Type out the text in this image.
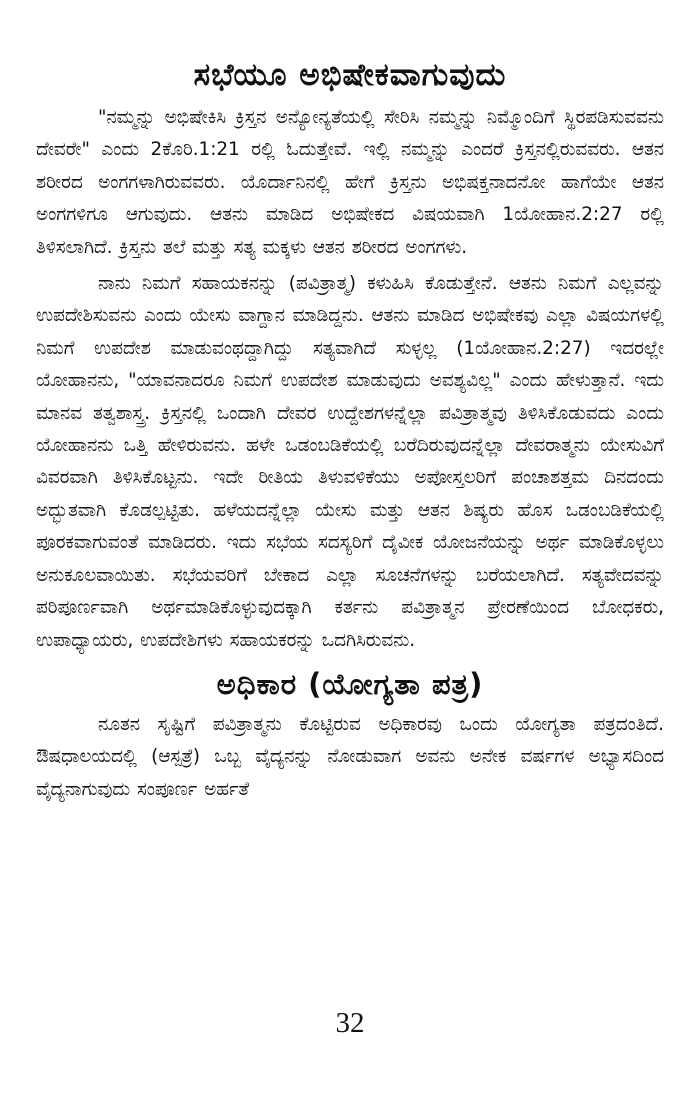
ಸಭೆಯೂ ಅಭಿಷೇಕವಾಗುವುದು

"ನಮ್ಮನ್ನು ಅಭಿಷೇಕಿಸಿ ಕ್ರಿಸ್ತನ ಅನ್ಯೋನ್ಯತೆಯಲ್ಲಿ ಸೇರಿಸಿ ನಮ್ಮನ್ನು ನಿಮ್ಮೊಂದಿಗೆ ಸ್ಥಿರಪಡಿಸುವವನು ದೇವರೇ" ಎಂದು 2ಕೊರಿ.1:21 ರಲ್ಲಿ ಓದುತ್ತೇವೆ. ಇಲ್ಲಿ ನಮ್ಮನ್ನು ಎಂದರೆ ಕ್ರಿಸ್ತನಲ್ಲಿರುವವರು. ಆತನ ಶರೀರದ ಅಂಗಗಳಾಗಿರುವವರು. ಯೊರ್ದಾನಿನಲ್ಲಿ ಹೇಗೆ ಕ್ರಿಸ್ತನು ಅಭಿಷಕ್ತನಾದನೋ ಹಾಗೆಯೇ ಆತನ ಅಂಗಗಳಿಗೂ ಆಗುವುದು. ಆತನು ಮಾಡಿದ ಅಭಿಷೇಕದ ವಿಷಯವಾಗಿ 1ಯೋಹಾನ.2:27 ರಲ್ಲಿ ತಿಳಿಸಲಾಗಿದೆ. ಕ್ರಿಸ್ತನು ತಲೆ ಮತ್ತು ಸತ್ಯ ಮಕ್ಕಳು ಆತನ ಶರೀರದ ಅಂಗಗಳು.

ನಾನು ನಿಮಗೆ ಸಹಾಯಕನನ್ನು (ಪವಿತ್ರಾತ್ಮ) ಕಳುಹಿಸಿ ಕೊಡುತ್ತೇನೆ. ಆತನು ನಿಮಗೆ ಎಲ್ಲವನ್ನು ಉಪದೇಶಿಸುವನು ಎಂದು ಯೇಸು ವಾಗ್ದಾನ ಮಾಡಿದ್ದನು. ಆತನು ಮಾಡಿದ ಅಭಿಷೇಕವು ಎಲ್ಲಾ ವಿಷಯಗಳಲ್ಲಿ ನಿಮಗೆ ಉಪದೇಶ ಮಾಡುವಂಥದ್ದಾಗಿದ್ದು ಸತ್ಯವಾಗಿದೆ ಸುಳ್ಳಲ್ಲ (1ಯೋಹಾನ.2:27) ಇದರಲ್ಲೇ ಯೋಹಾನನು, "ಯಾವನಾದರೂ ನಿಮಗೆ ಉಪದೇಶ ಮಾಡುವುದು ಅವಶ್ಯವಿಲ್ಲ" ಎಂದು ಹೇಳುತ್ತಾನೆ. ಇದು ಮಾನವ ತತ್ವಶಾಸ್ತ್ರ. ಕ್ರಿಸ್ತನಲ್ಲಿ ಒಂದಾಗಿ ದೇವರ ಉದ್ದೇಶಗಳನ್ನೆಲ್ಲಾ ಪವಿತ್ರಾತ್ಮವು ತಿಳಿಸಿಕೊಡುವದು ಎಂದು ಯೋಹಾನನು ಒತ್ತಿ ಹೇಳಿರುವನು. ಹಳೇ ಒಡಂಬಡಿಕೆಯಲ್ಲಿ ಬರೆದಿರುವುದನ್ನೆಲ್ಲಾ ದೇವರಾತ್ಮನು ಯೇಸುವಿಗೆ ವಿವರವಾಗಿ ತಿಳಿಸಿಕೊಟ್ಟನು. ಇದೇ ರೀತಿಯ ತಿಳುವಳಿಕೆಯು ಅಪೋಸ್ತಲರಿಗೆ ಪಂಚಾಶತ್ತಮ ದಿನದಂದು ಅದ್ಭುತವಾಗಿ ಕೊಡಲ್ಪಟ್ಟಿತು. ಹಳೆಯದನ್ನೆಲ್ಲಾ ಯೇಸು ಮತ್ತು ಆತನ ಶಿಷ್ಯರು ಹೊಸ ಒಡಂಬಡಿಕೆಯಲ್ಲಿ ಪೂರಕವಾಗುವಂತೆ ಮಾಡಿದರು. ಇದು ಸಭೆಯ ಸದಸ್ಯರಿಗೆ ದೈವೀಕ ಯೋಜನೆಯನ್ನು ಅರ್ಥ ಮಾಡಿಕೊಳ್ಳಲು ಅನುಕೂಲವಾಯಿತು. ಸಭೆಯವರಿಗೆ ಬೇಕಾದ ಎಲ್ಲಾ ಸೂಚನೆಗಳನ್ನು ಬರೆಯಲಾಗಿದೆ. ಸತ್ಯವೇದವನ್ನು ಪರಿಪೂರ್ಣವಾಗಿ ಅರ್ಥಮಾಡಿಕೊಳ್ಳುವುದಕ್ಕಾಗಿ ಕರ್ತನು ಪವಿತ್ರಾತ್ಮನ ಪ್ರೇರಣೆಯಿಂದ ಬೋಧಕರು, ಉಪಾಧ್ಯಾಯರು, ಉಪದೇಶಿಗಳು ಸಹಾಯಕರನ್ನು ಒದಗಿಸಿರುವನು.

ಅಧಿಕಾರ (ಯೋಗ್ಯತಾ ಪತ್ರ)

ನೂತನ ಸೃಷ್ಟಿಗೆ ಪವಿತ್ರಾತ್ಮನು ಕೊಟ್ಟಿರುವ ಅಧಿಕಾರವು ಒಂದು ಯೋಗ್ಯತಾ ಪತ್ರದಂತಿದೆ. ಔಷಧಾಲಯದಲ್ಲಿ (ಆಸ್ಪತ್ರೆ) ಒಬ್ಬ ವೈದ್ಯನನ್ನು ನೋಡುವಾಗ ಅವನು ಅನೇಕ ವರ್ಷಗಳ ಅಭ್ಯಾಸದಿಂದ ವೈದ್ಯನಾಗುವುದು ಸಂಪೂರ್ಣ ಅರ್ಹತೆ

32
